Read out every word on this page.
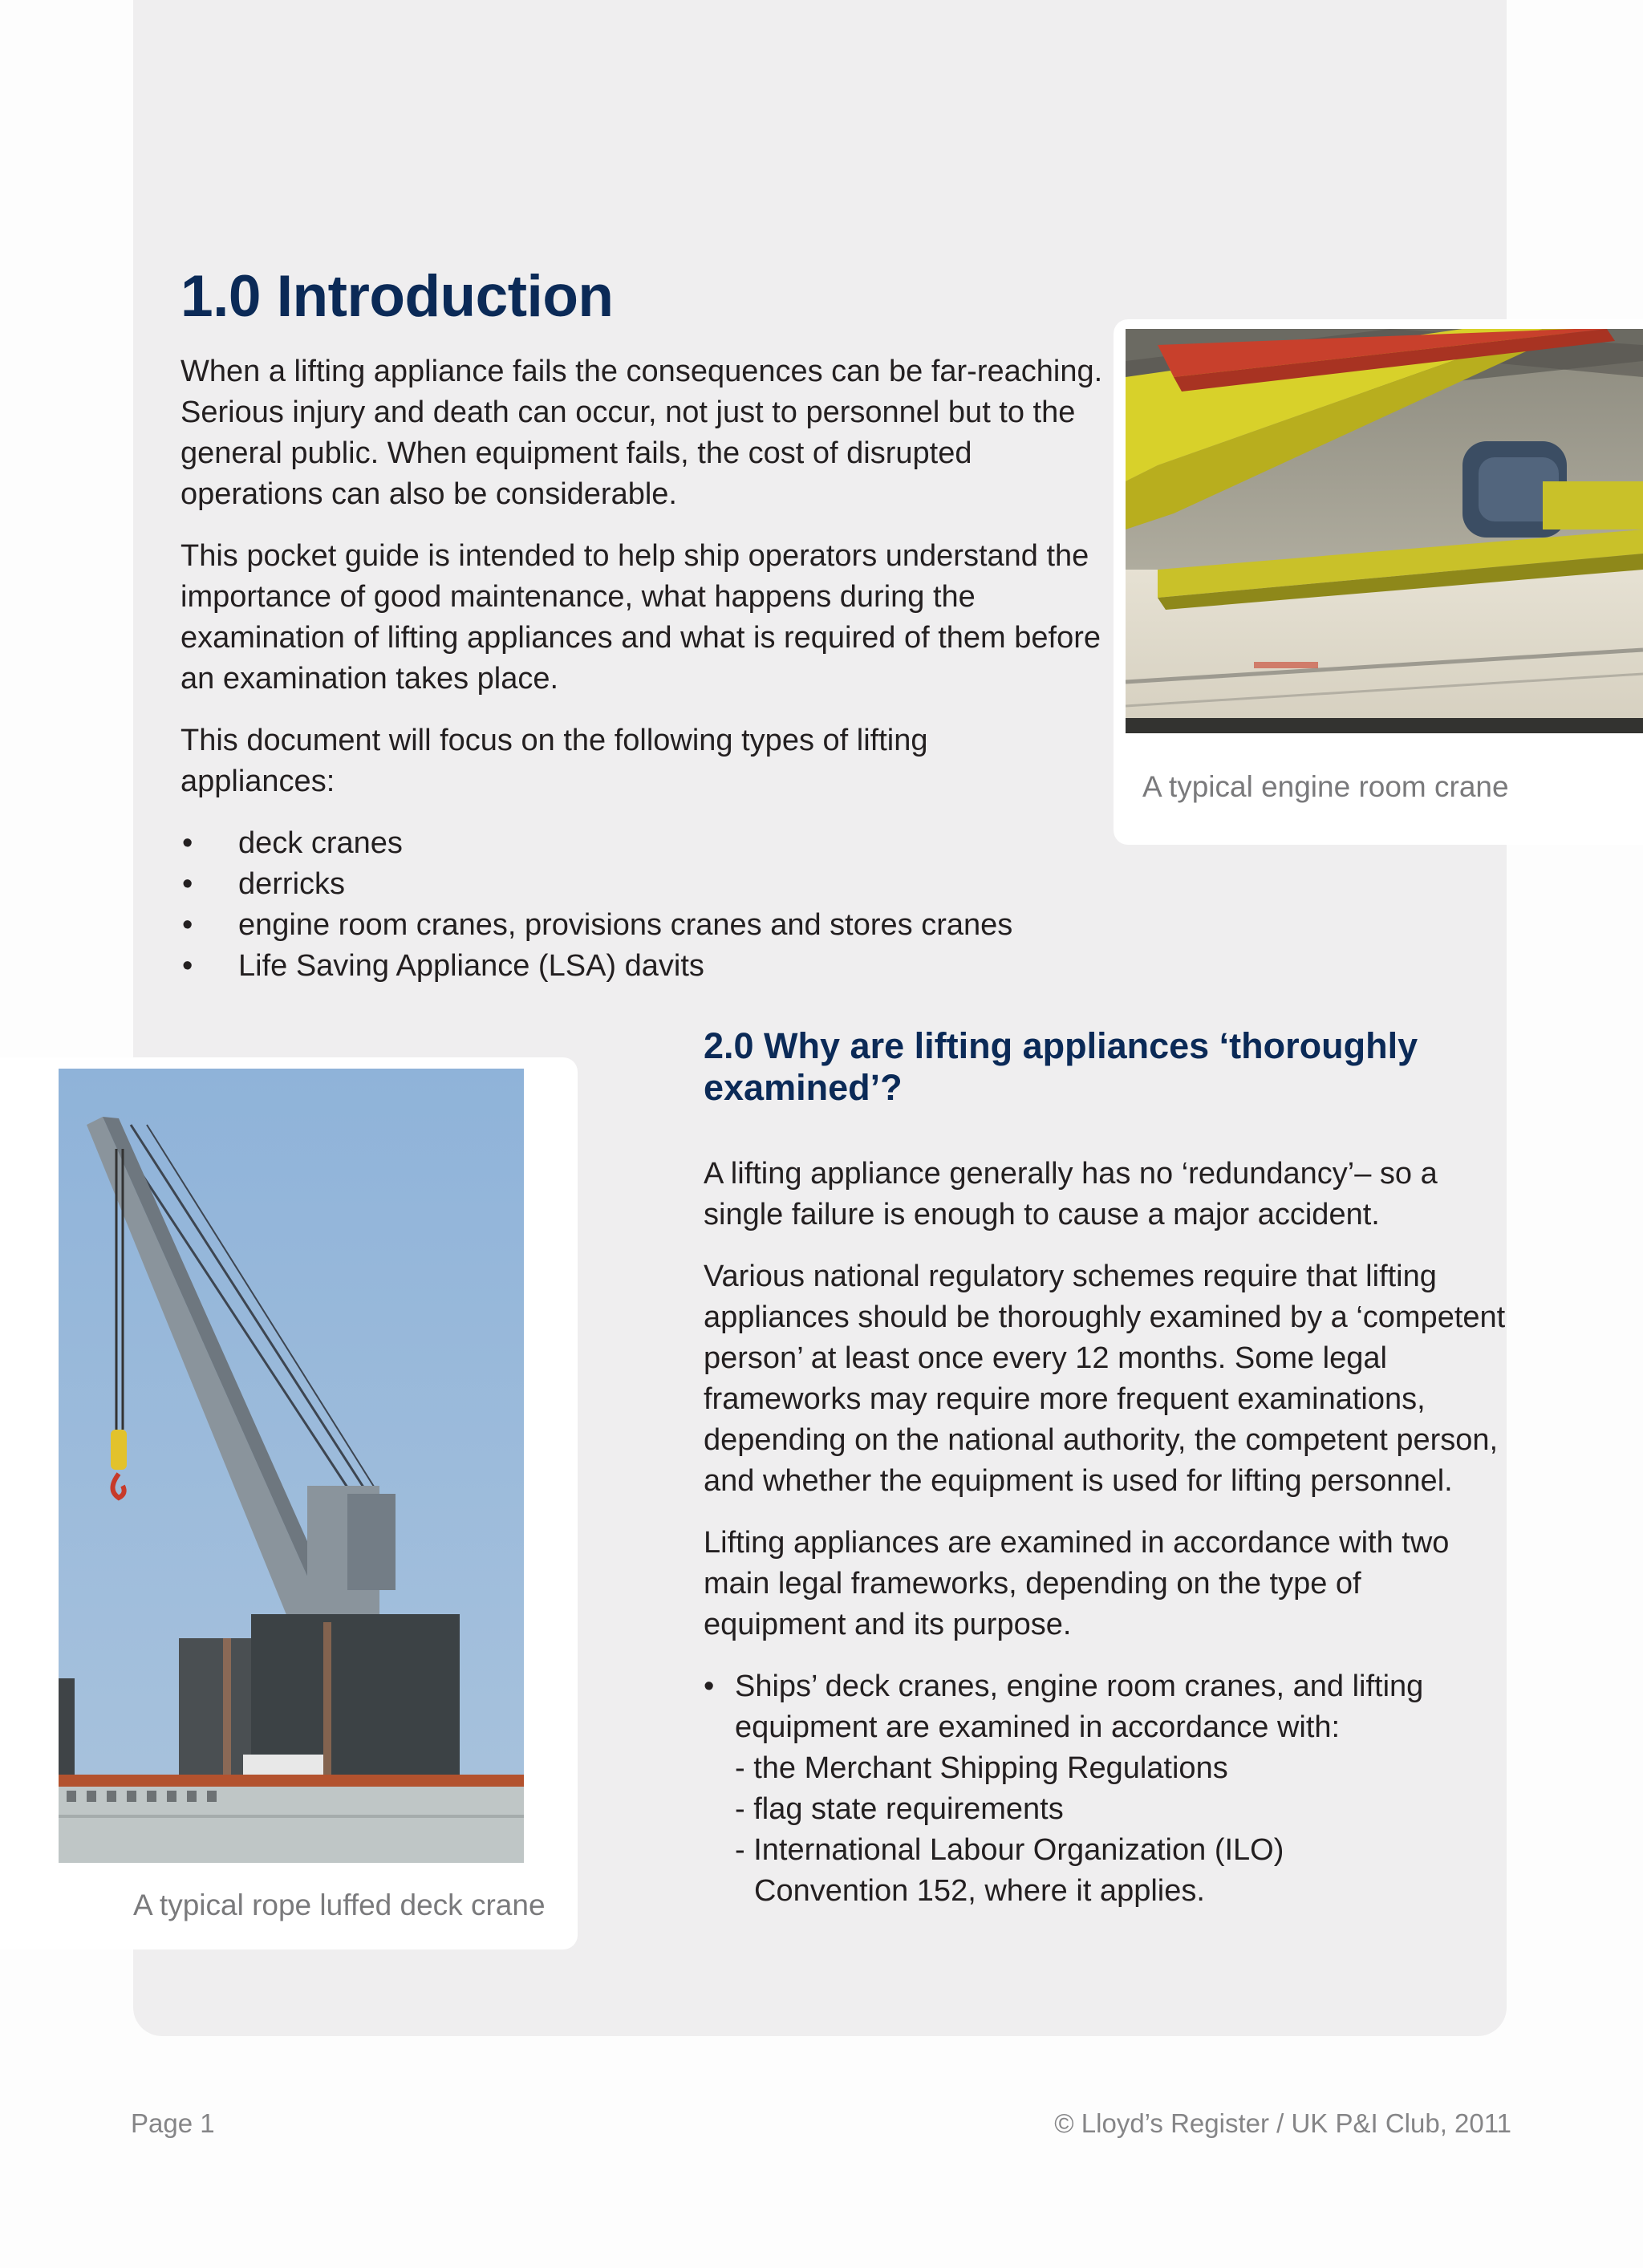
1.0 Introduction

When a lifting appliance fails the consequences can be far-reaching. Serious injury and death can occur, not just to personnel but to the general public. When equipment fails, the cost of disrupted operations can also be considerable.

This pocket guide is intended to help ship operators understand the importance of good maintenance, what happens during the examination of lifting appliances and what is required of them before an examination takes place.

This document will focus on the following types of lifting appliances:

• deck cranes
• derricks
• engine room cranes, provisions cranes and stores cranes
• Life Saving Appliance (LSA) davits
A typical engine room crane
A typical rope luffed deck crane
2.0 Why are lifting appliances ‘thoroughly examined’?

A lifting appliance generally has no ‘redundancy’– so a single failure is enough to cause a major accident.

Various national regulatory schemes require that lifting appliances should be thoroughly examined by a ‘competent person’ at least once every 12 months. Some legal frameworks may require more frequent examinations, depending on the national authority, the competent person, and whether the equipment is used for lifting personnel.

Lifting appliances are examined in accordance with two main legal frameworks, depending on the type of equipment and its purpose.

• Ships’ deck cranes, engine room cranes, and lifting equipment are examined in accordance with:
- the Merchant Shipping Regulations
- flag state requirements
- International Labour Organization (ILO)
Convention 152, where it applies.
Page 1	© Lloyd’s Register / UK P&I Club, 2011
